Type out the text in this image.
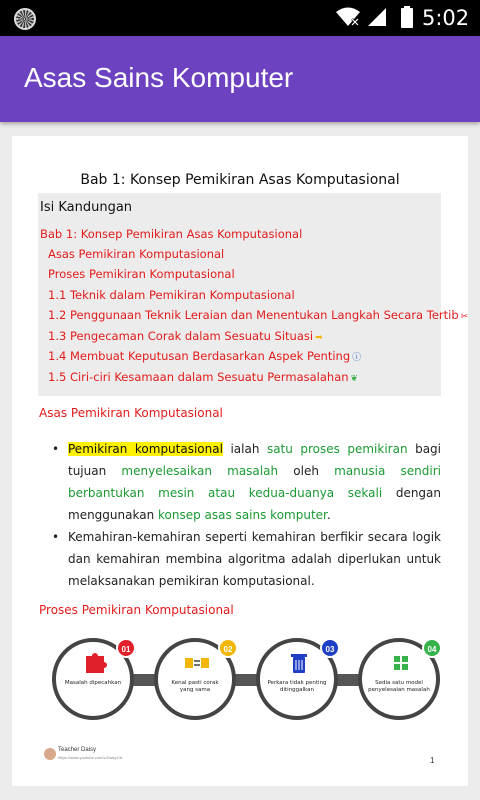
5:02
Asas Sains Komputer
Bab 1: Konsep Pemikiran Asas Komputasional
Isi Kandungan
Bab 1: Konsep Pemikiran Asas Komputasional
Asas Pemikiran Komputasional
Proses Pemikiran Komputasional
1.1 Teknik dalam Pemikiran Komputasional
1.2 Penggunaan Teknik Leraian dan Menentukan Langkah Secara Tertib ✂
1.3 Pengecaman Corak dalam Sesuatu Situasi ➡
1.4 Membuat Keputusan Berdasarkan Aspek Penting ⓘ
1.5 Ciri-ciri Kesamaan dalam Sesuatu Permasalahan ❦
Asas Pemikiran Komputasional
• Pemikiran komputasional ialah satu proses pemikiran bagi tujuan menyelesaikan masalah oleh manusia sendiri berbantukan mesin atau kedua-duanya sekali dengan menggunakan konsep asas sains komputer.
• Kemahiran-kemahiran seperti kemahiran berfikir secara logik dan kemahiran membina algoritma adalah diperlukan untuk melaksanakan pemikiran komputasional.
Proses Pemikiran Komputasional
Masalah dipecahkan
01
Kenal pasti corak yang sama
02
Perkara tidak penting ditinggalkan
03
Sedia satu model penyelesaian masalah
04
Teacher Daisy
https://www.youtube.com/c/DaisyCik	1
